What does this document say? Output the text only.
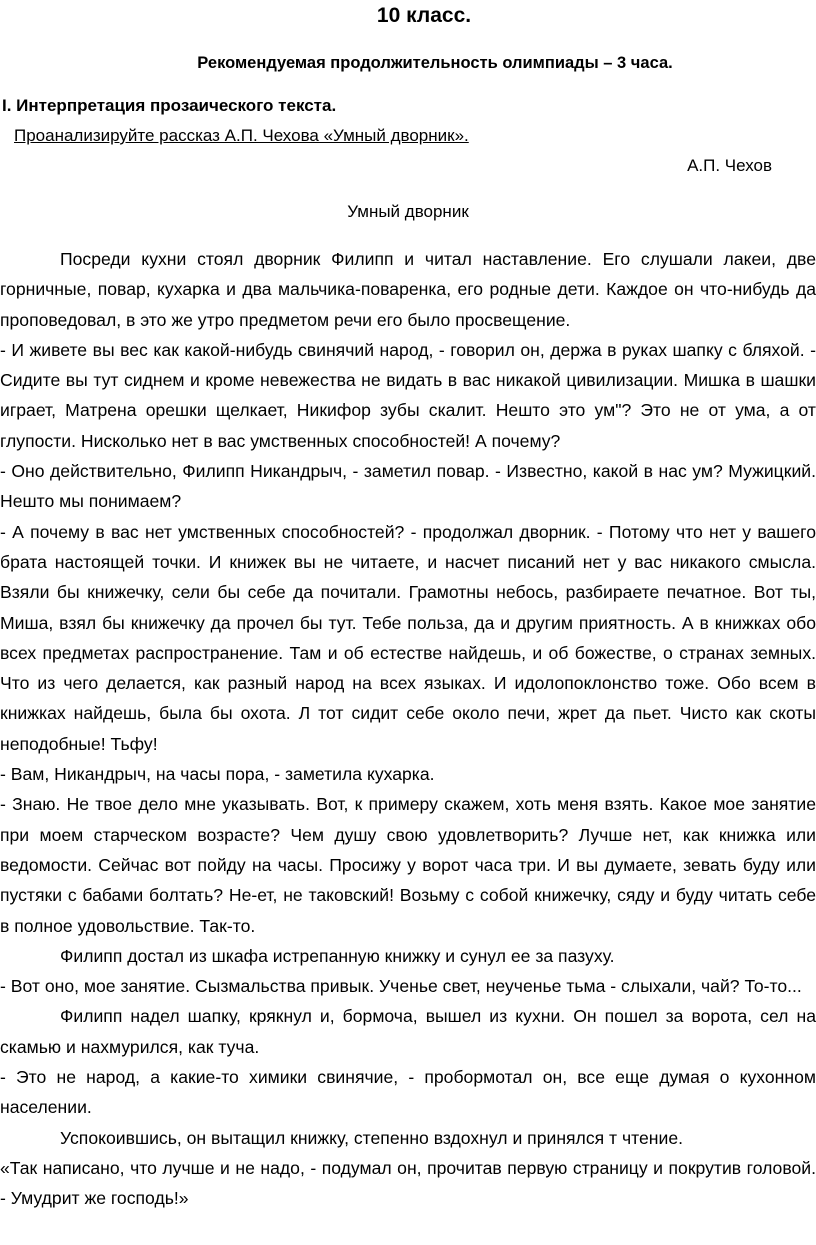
10 класс.
Рекомендуемая продолжительность олимпиады – 3 часа.
I. Интерпретация прозаического текста.
Проанализируйте рассказ А.П. Чехова «Умный дворник».
А.П. Чехов
Умный дворник

Посреди кухни стоял дворник Филипп и читал наставление. Его слушали лакеи, две горничные, повар, кухарка и два мальчика-поваренка, его родные дети. Каждое он что-нибудь да проповедовал, в это же утро предметом речи его было просвещение.

- И живете вы вес как какой-нибудь свинячий народ, - говорил он, держа в руках шапку с бляхой. - Сидите вы тут сиднем и кроме невежества не видать в вас никакой цивилизации. Мишка в шашки играет, Матрена орешки щелкает, Никифор зубы скалит. Нешто это ум"? Это не от ума, а от глупости. Нисколько нет в вас умственных способностей! А почему?

- Оно действительно, Филипп Никандрыч, - заметил повар. - Известно, какой в нас ум? Мужицкий. Нешто мы понимаем?

- А почему в вас нет умственных способностей? - продолжал дворник. - Потому что нет у вашего брата настоящей точки. И книжек вы не читаете, и насчет писаний нет у вас никакого смысла. Взяли бы книжечку, сели бы себе да почитали. Грамотны небось, разбираете печатное. Вот ты, Миша, взял бы книжечку да прочел бы тут. Тебе польза, да и другим приятность. А в книжках обо всех предметах распространение. Там и об естестве найдешь, и об божестве, о странах земных. Что из чего делается, как разный народ на всех языках. И идолопоклонство тоже. Обо всем в книжках найдешь, была бы охота. Л тот сидит себе около печи, жрет да пьет. Чисто как скоты неподобные! Тьфу!

- Вам, Никандрыч, на часы пора, - заметила кухарка.

- Знаю. Не твое дело мне указывать. Вот, к примеру скажем, хоть меня взять. Какое мое занятие при моем старческом возрасте? Чем душу свою удовлетворить? Лучше нет, как книжка или ведомости. Сейчас вот пойду на часы. Просижу у ворот часа три. И вы думаете, зевать буду или пустяки с бабами болтать? Не-ет, не таковский! Возьму с собой книжечку, сяду и буду читать себе в полное удовольствие. Так-то.

Филипп достал из шкафа истрепанную книжку и сунул ее за пазуху.

- Вот оно, мое занятие. Сызмальства привык. Ученье свет, неученье тьма - слыхали, чай? То-то...

Филипп надел шапку, крякнул и, бормоча, вышел из кухни. Он пошел за ворота, сел на скамью и нахмурился, как туча.

- Это не народ, а какие-то химики свинячие, - пробормотал он, все еще думая о кухонном населении.

Успокоившись, он вытащил книжку, степенно вздохнул и принялся т чтение.

«Так написано, что лучше и не надо, - подумал он, прочитав первую страницу и покрутив головой. - Умудрит же господь!»
